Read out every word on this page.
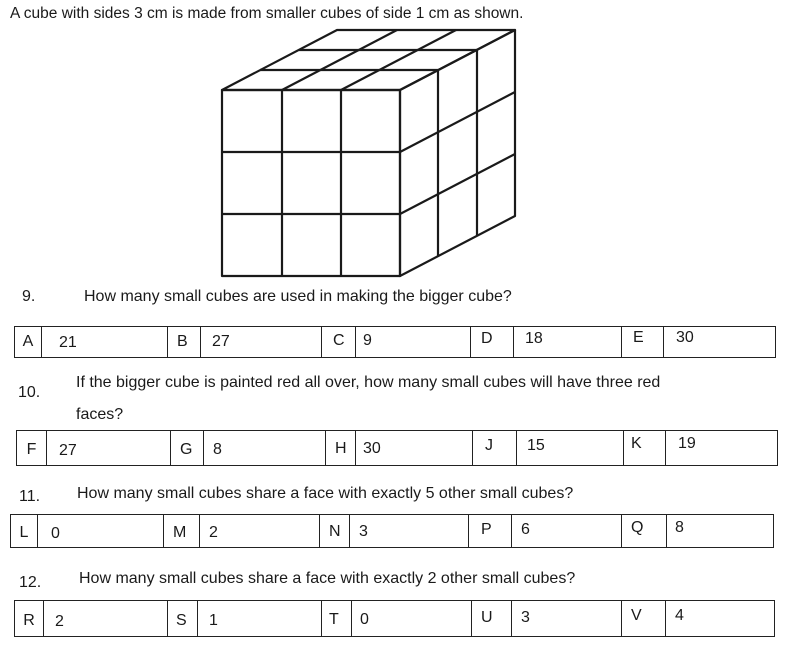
A cube with sides 3 cm is made from smaller cubes of side 1 cm as shown.
9.	How many small cubes are used in making the bigger cube?
A	21	B 27	C 9	D 18	E 30
10.
If the bigger cube is painted red all over, how many small cubes will have three red
faces?
F	27	G 8	H 30	J 15	K 19
11. How many small cubes share a face with exactly 5 other small cubes?
L	0	M 2	N 3	P 6	Q 8
12. How many small cubes share a face with exactly 2 other small cubes?
R	2	S 1	T 0	U 3	V 4
